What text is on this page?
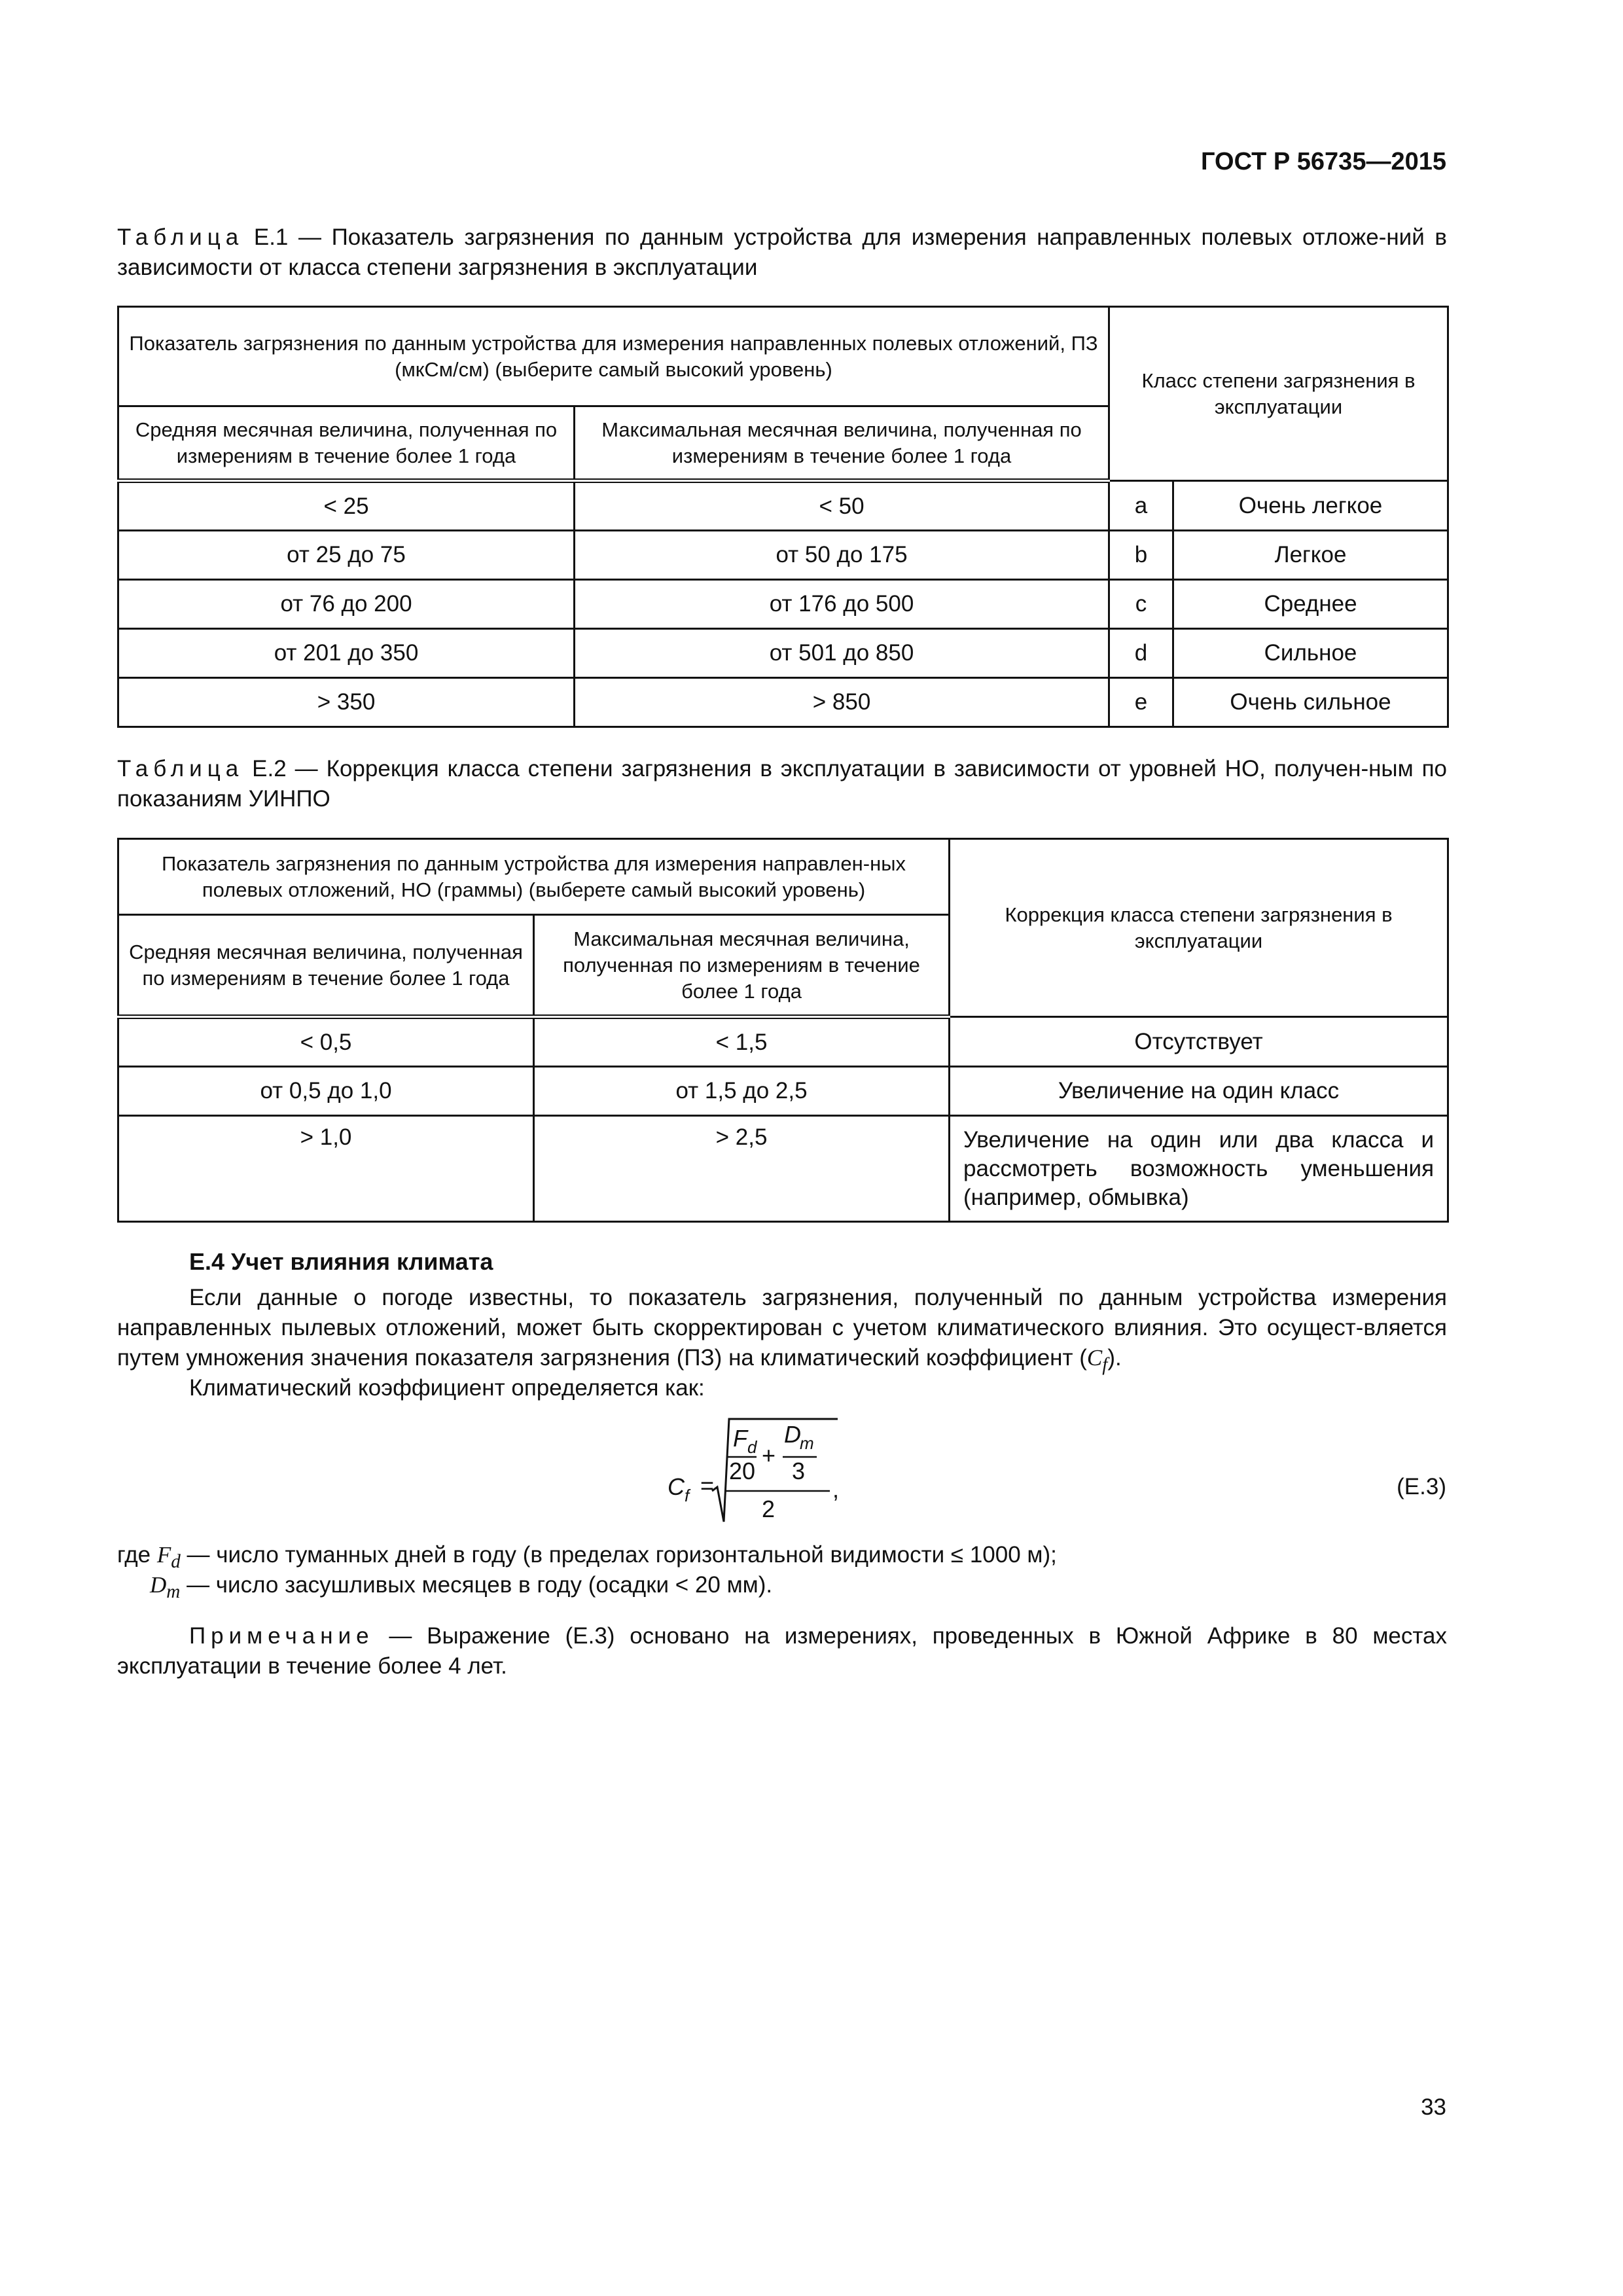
ГОСТ Р 56735—2015
Таблица Е.1 — Показатель загрязнения по данным устройства для измерения направленных полевых отложе-ний в зависимости от класса степени загрязнения в эксплуатации
Показатель загрязнения по данным устройства для измерения направленных полевых отложений, ПЗ (мкСм/см) (выберите самый высокий уровень)		Класс степени загрязнения в эксплуатации	
Средняя месячная величина, полученная по измерениям в течение более 1 года	Максимальная месячная величина, полученная по измерениям в течение более 1 года		
< 25	< 50	a	Очень легкое
от 25 до 75	от 50 до 175	b	Легкое
от 76 до 200	от 176 до 500	c	Среднее
от 201 до 350	от 501 до 850	d	Сильное
> 350	> 850	e	Очень сильное
Таблица Е.2 — Коррекция класса степени загрязнения в эксплуатации в зависимости от уровней НО, получен-ным по показаниям УИНПО
Показатель загрязнения по данным устройства для измерения направлен-ных полевых отложений, НО (граммы) (выберете самый высокий уровень)		Коррекция класса степени загрязнения в эксплуатации
Средняя месячная величина, полученная по измерениям в течение более 1 года	Максимальная месячная величина, полученная по измерениям в течение более 1 года	
< 0,5	< 1,5	Отсутствует
от 0,5 до 1,0	от 1,5 до 2,5	Увеличение на один класс
> 1,0	> 2,5	Увеличение на один или два класса и рассмотреть возможность уменьшения (например, обмывка)
Е.4 Учет влияния климата
Если данные о погоде известны, то показатель загрязнения, полученный по данным устройства измерения направленных пылевых отложений, может быть скорректирован с учетом климатического влияния. Это осущест-вляется путем умножения значения показателя загрязнения (ПЗ) на климатический коэффициент $(C_f)$.
Климатический коэффициент определяется как:
C f =
F d
20
+
D
m
3
2
,	(Е.3)
где $F_d$ — число туманных дней в году (в пределах горизонтальной видимости ≤ 1000 м);
$D_m$ — число засушливых месяцев в году (осадки < 20 мм).
Примечание — Выражение (Е.3) основано на измерениях, проведенных в Южной Африке в 80 местах эксплуатации в течение более 4 лет.
33
